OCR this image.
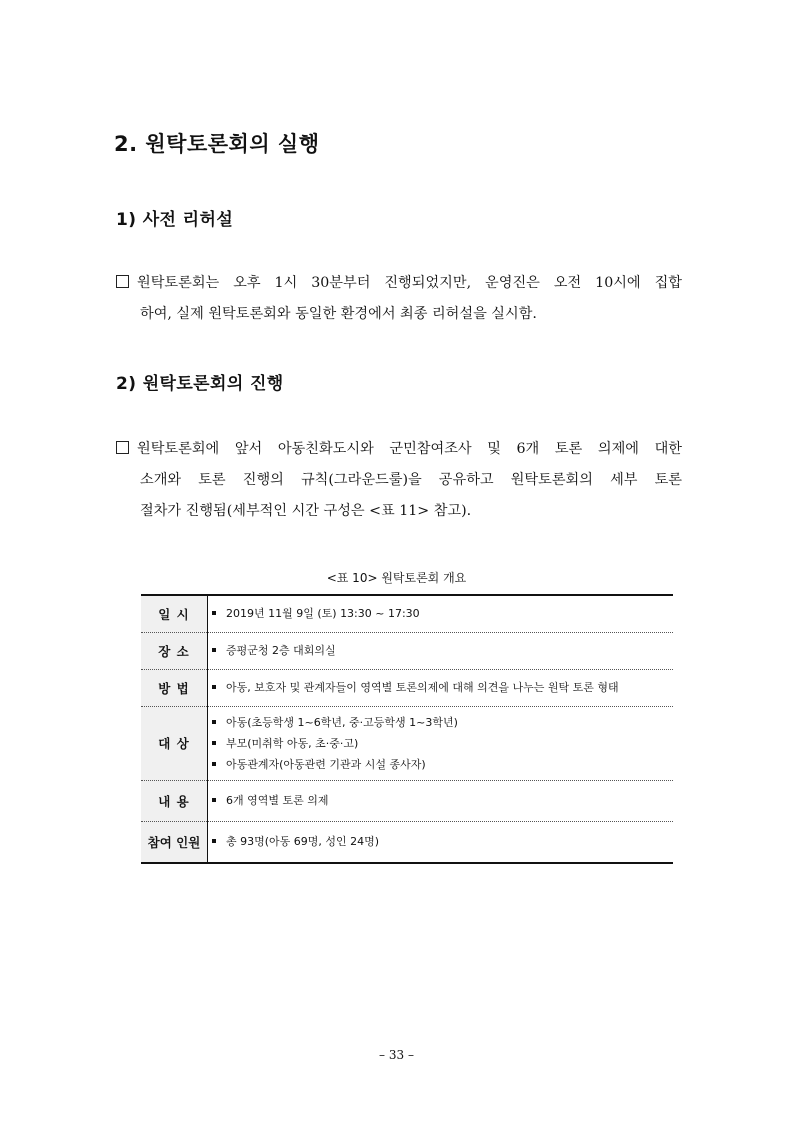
2. 원탁토론회의 실행
1) 사전 리허설
원탁토론회는 오후 1시 30분부터 진행되었지만, 운영진은 오전 10시에 집합
하여, 실제 원탁토론회와 동일한 환경에서 최종 리허설을 실시함.
2) 원탁토론회의 진행
원탁토론회에 앞서 아동친화도시와 군민참여조사 및 6개 토론 의제에 대한
소개와 토론 진행의 규칙(그라운드룰)을 공유하고 원탁토론회의 세부 토론
절차가 진행됨(세부적인 시간 구성은 <표 11> 참고).
<표 10> 원탁토론회 개요
일 시	2019년 11월 9일 (토) 13:30 ~ 17:30

장 소	증평군청 2층 대회의실

방 법	아동, 보호자 및 관계자들이 영역별 토론의제에 대해 의견을 나누는 원탁 토론 형태

대 상	아동(초등학생 1~6학년, 중·고등학생 1~3학년)
부모(미취학 아동, 초·중·고)
아동관계자(아동관련 기관과 시설 종사자)

내 용	6개 영역별 토론 의제

참여 인원	총 93명(아동 69명, 성인 24명)
– 33 –
